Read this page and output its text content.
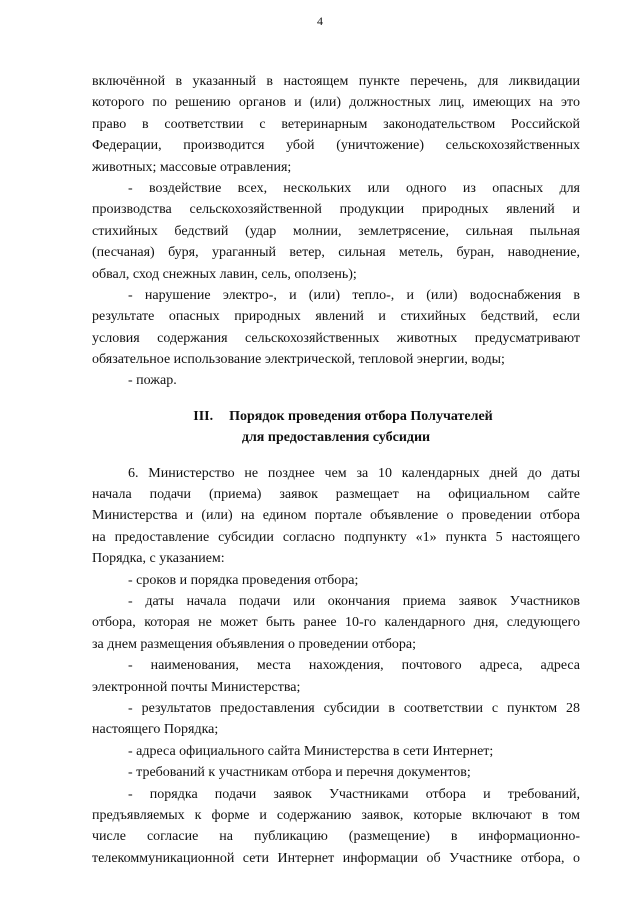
4
включённой в указанный в настоящем пункте перечень, для ликвидации
которого по решению органов и (или) должностных лиц, имеющих на это
право в соответствии с ветеринарным законодательством Российской
Федерации, производится убой (уничтожение) сельскохозяйственных
животных; массовые отравления;
- воздействие всех, нескольких или одного из опасных для
производства сельскохозяйственной продукции природных явлений и
стихийных бедствий (удар молнии, землетрясение, сильная пыльная
(песчаная) буря, ураганный ветер, сильная метель, буран, наводнение,
обвал, сход снежных лавин, сель, оползень);
- нарушение электро-, и (или) тепло-, и (или) водоснабжения в
результате опасных природных явлений и стихийных бедствий, если
условия содержания сельскохозяйственных животных предусматривают
обязательное использование электрической, тепловой энергии, воды;
- пожар.
III. Порядок проведения отбора Получателей
для предоставления субсидии
6. Министерство не позднее чем за 10 календарных дней до даты
начала подачи (приема) заявок размещает на официальном сайте
Министерства и (или) на едином портале объявление о проведении отбора
на предоставление субсидии согласно подпункту «1» пункта 5 настоящего
Порядка, с указанием:
- сроков и порядка проведения отбора;
- даты начала подачи или окончания приема заявок Участников
отбора, которая не может быть ранее 10-го календарного дня, следующего
за днем размещения объявления о проведении отбора;
- наименования, места нахождения, почтового адреса, адреса
электронной почты Министерства;
- результатов предоставления субсидии в соответствии с пунктом 28
настоящего Порядка;
- адреса официального сайта Министерства в сети Интернет;
- требований к участникам отбора и перечня документов;
- порядка подачи заявок Участниками отбора и требований,
предъявляемых к форме и содержанию заявок, которые включают в том
числе согласие на публикацию (размещение) в информационно-
телекоммуникационной сети Интернет информации об Участнике отбора, о
